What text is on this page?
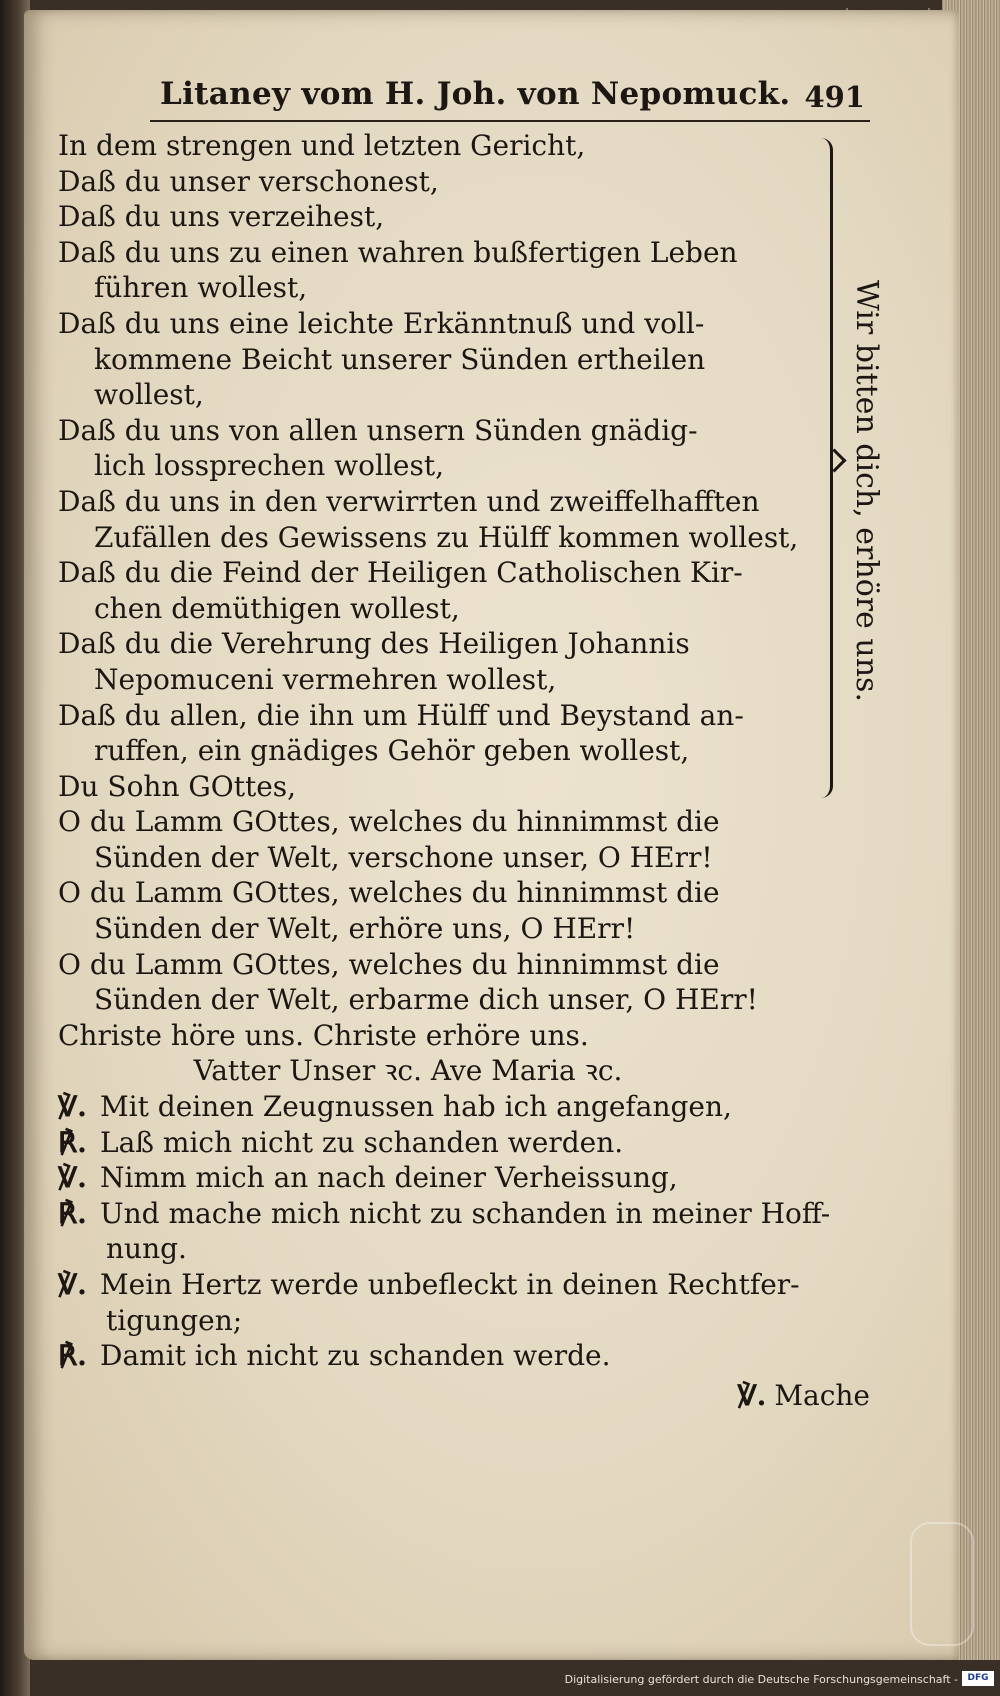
Litaney vom H. Joh. von Nepomuck. 491
In dem strengen und letzten Gericht,
Daß du unser verschonest,
Daß du uns verzeihest,
Daß du uns zu einen wahren bußfertigen Leben
führen wollest,
Daß du uns eine leichte Erkänntnuß und voll-
kommene Beicht unserer Sünden ertheilen
wollest,
Daß du uns von allen unsern Sünden gnädig-
lich lossprechen wollest,
Daß du uns in den verwirrten und zweiffelhafften
Zufällen des Gewissens zu Hülff kommen wollest,
Daß du die Feind der Heiligen Catholischen Kir-
chen demüthigen wollest,
Daß du die Verehrung des Heiligen Johannis
Nepomuceni vermehren wollest,
Daß du allen, die ihn um Hülff und Beystand an-
ruffen, ein gnädiges Gehör geben wollest,
Du Sohn GOttes,
O du Lamm GOttes, welches du hinnimmst die
Sünden der Welt, verschone unser, O HErr!
O du Lamm GOttes, welches du hinnimmst die
Sünden der Welt, erhöre uns, O HErr!
O du Lamm GOttes, welches du hinnimmst die
Sünden der Welt, erbarme dich unser, O HErr!
Christe höre uns. Christe erhöre uns.
Vatter Unser ꝛc. Ave Maria ꝛc.
℣. Mit deinen Zeugnussen hab ich angefangen,
℟. Laß mich nicht zu schanden werden.
℣. Nimm mich an nach deiner Verheissung,
℟. Und mache mich nicht zu schanden in meiner Hoff-
nung.
℣. Mein Hertz werde unbefleckt in deinen Rechtfer-
tigungen;
℟. Damit ich nicht zu schanden werde.
℣. Mache
Wir bitten dich, erhöre uns.
Digitalisierung gefördert durch die Deutsche Forschungsgemeinschaft -	DFG
